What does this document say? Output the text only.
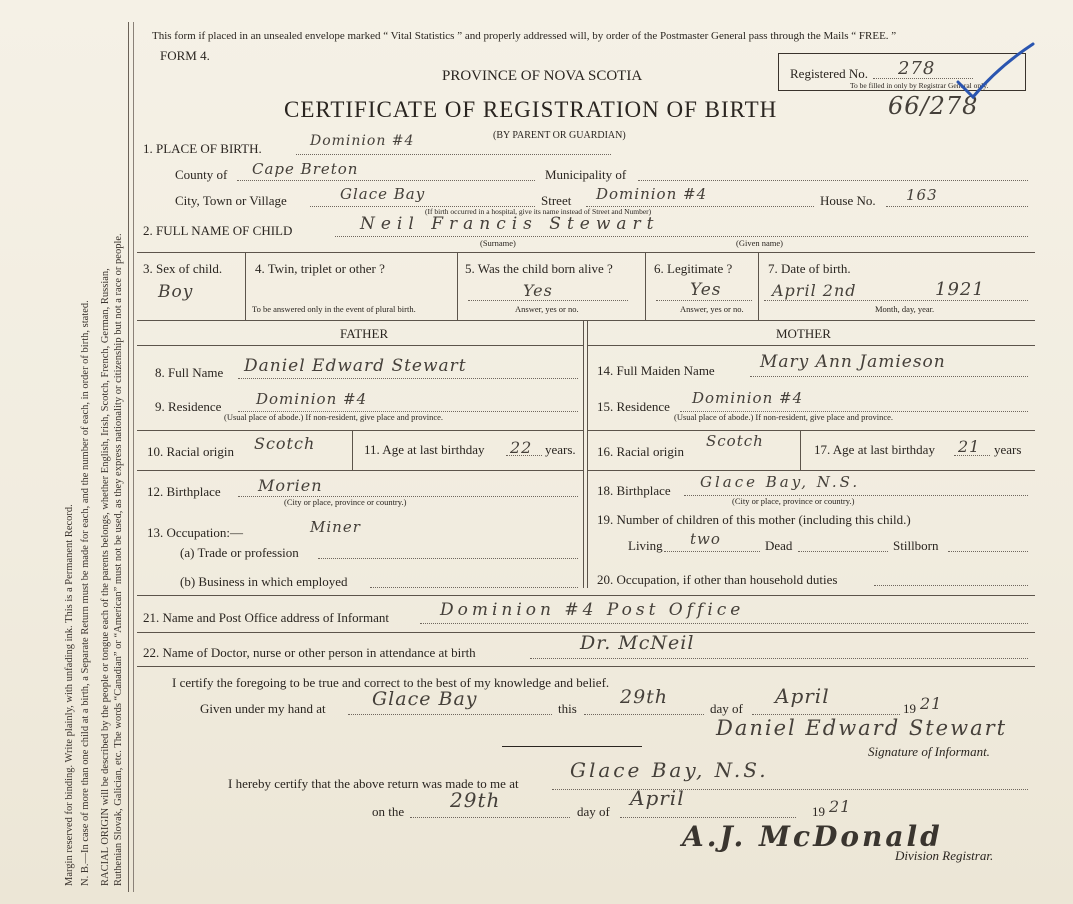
Margin reserved for binding. Write plainly, with unfading ink. This is a Permanent Record. N. B.—In case of more than one child at a birth, a Separate Return must be made for each, and the number of each, in order of birth, stated. RACIAL ORIGIN will be described by the people or tongue each of the parents belongs, whether English, Irish, Scotch, French, German, Russian, Ruthenian Slovak, Galician, etc. The words “Canadian” or “American” must not be used, as they express nationality or citizenship but not a race or people.
This form if placed in an unsealed envelope marked “ Vital Statistics ” and properly addressed will, by order of the Postmaster General pass through the Mails “ FREE. ”
FORM 4.
PROVINCE OF NOVA SCOTIA
CERTIFICATE OF REGISTRATION OF BIRTH	66/278
(BY PARENT OR GUARDIAN)
Registered No. 278
To be filled in only by Registrar General only.
1. PLACE OF BIRTH.	Dominion #4
County of Cape Breton	Municipality of
City, Town or Village	Glace Bay	Street Dominion #4
(If birth occurred in a hospital, give its name instead of Street and Number)
House No. 163
2. FULL NAME OF CHILD	Neil Francis Stewart
(Surname)	(Given name)
3. Sex of child.
Boy
4. Twin, triplet or other ?
To be answered only in the event of plural birth.
5. Was the child born alive ?
Yes
Answer, yes or no.
6. Legitimate ?
Yes
Answer, yes or no.
7. Date of birth.
April 2nd	1921
Month, day, year.
FATHER	MOTHER
8. Full Name Daniel Edward Stewart
9. Residence Dominion #4
(Usual place of abode.) If non-resident, give place and province.
10. Racial origin Scotch	11. Age at last birthday 22 years.
12. Birthplace Morien
(City or place, province or country.)
13. Occupation:—	Miner
(a) Trade or profession
(b) Business in which employed
14. Full Maiden Name	Mary Ann Jamieson
15. Residence Dominion #4
(Usual place of abode.) If non-resident, give place and province.
16. Racial origin
Scotch	17. Age at last birthday 21 years
18. Birthplace Glace Bay, N.S.
(City or place, province or country.)
19. Number of children of this mother (including this child.)
Living two	Dead	Stillborn
20. Occupation, if other than household duties
21. Name and Post Office address of Informant	Dominion #4 Post Office
22. Name of Doctor, nurse or other person in attendance at birth	Dr. McNeil
I certify the foregoing to be true and correct to the best of my knowledge and belief.
Given under my hand at Glace Bay	this
29th
day of
April
19 21
Daniel Edward Stewart
Signature of Informant.
I hereby certify that the above return was made to me at
Glace Bay, N.S.
on the 29th	day of
April
19 21
A.J. McDonald
Division Registrar.
